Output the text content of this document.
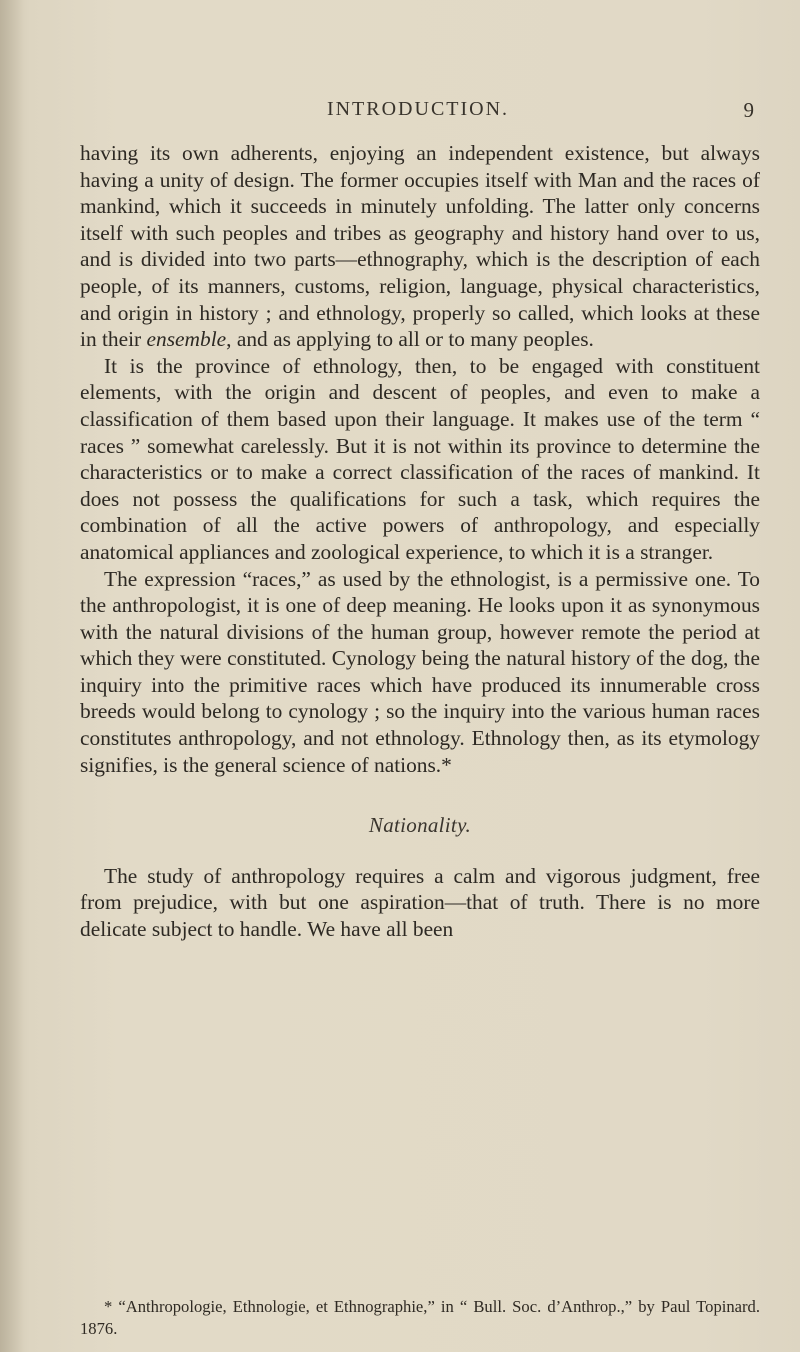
INTRODUCTION.	9

having its own adherents, enjoying an independent existence, but always having a unity of design. The former occupies itself with Man and the races of mankind, which it succeeds in minutely unfolding. The latter only concerns itself with such peoples and tribes as geography and history hand over to us, and is divided into two parts—ethnography, which is the description of each people, of its manners, customs, religion, language, physical characteristics, and origin in history ; and ethnology, properly so called, which looks at these in their ensemble, and as applying to all or to many peoples.

It is the province of ethnology, then, to be engaged with constituent elements, with the origin and descent of peoples, and even to make a classification of them based upon their language. It makes use of the term “ races ” somewhat carelessly. But it is not within its province to determine the characteristics or to make a correct classification of the races of mankind. It does not possess the qualifications for such a task, which requires the combination of all the active powers of anthropology, and especially anatomical appliances and zoological experience, to which it is a stranger.

The expression “races,” as used by the ethnologist, is a permissive one. To the anthropologist, it is one of deep meaning. He looks upon it as synonymous with the natural divisions of the human group, however remote the period at which they were constituted. Cynology being the natural history of the dog, the inquiry into the primitive races which have produced its innumerable cross breeds would belong to cynology ; so the inquiry into the various human races constitutes anthropology, and not ethnology. Ethnology then, as its etymology signifies, is the general science of nations.*

Nationality.

The study of anthropology requires a calm and vigorous judgment, free from prejudice, with but one aspiration—that of truth. There is no more delicate subject to handle. We have all been

* “Anthropologie, Ethnologie, et Ethnographie,” in “ Bull. Soc. d’Anthrop.,” by Paul Topinard. 1876.
